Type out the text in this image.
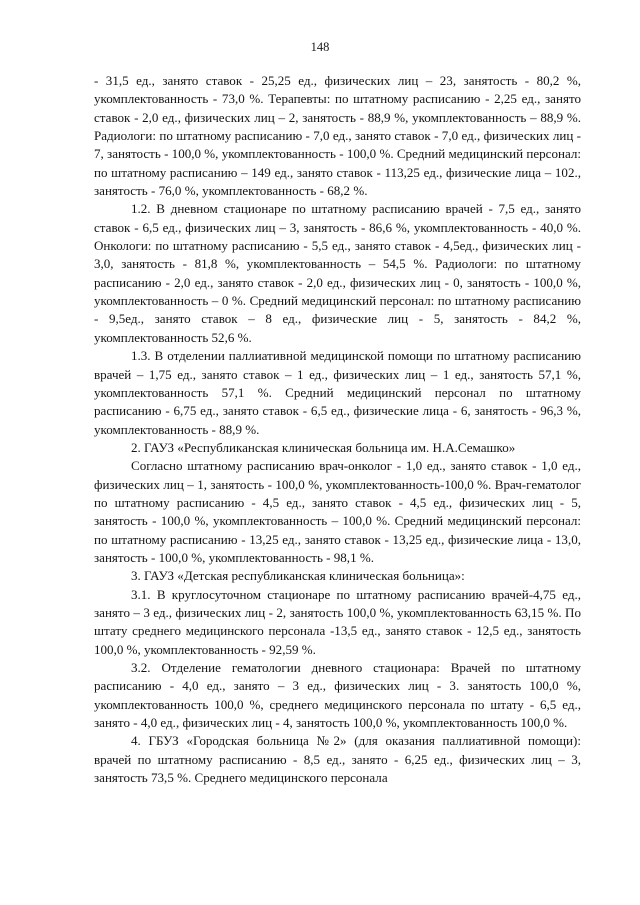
148

- 31,5 ед., занято ставок - 25,25 ед., физических лиц – 23, занятость - 80,2 %, укомплектованность - 73,0 %. Терапевты: по штатному расписанию - 2,25 ед., занято ставок - 2,0 ед., физических лиц – 2, занятость - 88,9 %, укомплектованность – 88,9 %. Радиологи: по штатному расписанию - 7,0 ед., занято ставок - 7,0 ед., физических лиц - 7, занятость - 100,0 %, укомплектованность - 100,0 %. Средний медицинский персонал: по штатному расписанию – 149 ед., занято ставок - 113,25 ед., физические лица – 102., занятость - 76,0 %, укомплектованность - 68,2 %.

1.2. В дневном стационаре по штатному расписанию врачей - 7,5 ед., занято ставок - 6,5 ед., физических лиц – 3, занятость - 86,6 %, укомплектованность - 40,0 %. Онкологи: по штатному расписанию - 5,5 ед., занято ставок - 4,5ед., физических лиц - 3,0, занятость - 81,8 %, укомплектованность – 54,5 %. Радиологи: по штатному расписанию - 2,0 ед., занято ставок - 2,0 ед., физических лиц - 0, занятость - 100,0 %, укомплектованность – 0 %. Средний медицинский персонал: по штатному расписанию - 9,5ед., занято ставок – 8 ед., физические лиц - 5, занятость - 84,2 %, укомплектованность 52,6 %.

1.3. В отделении паллиативной медицинской помощи по штатному расписанию врачей – 1,75 ед., занято ставок – 1 ед., физических лиц – 1 ед., занятость 57,1 %, укомплектованность 57,1 %. Средний медицинский персонал по штатному расписанию - 6,75 ед., занято ставок - 6,5 ед., физические лица - 6, занятость - 96,3 %, укомплектованность - 88,9 %.

2. ГАУЗ «Республиканская клиническая больница им. Н.А.Семашко»

Согласно штатному расписанию врач-онколог - 1,0 ед., занято ставок - 1,0 ед., физических лиц – 1, занятость - 100,0 %, укомплектованность-100,0 %. Врач-гематолог по штатному расписанию - 4,5 ед., занято ставок - 4,5 ед., физических лиц - 5, занятость - 100,0 %, укомплектованность – 100,0 %. Средний медицинский персонал: по штатному расписанию - 13,25 ед., занято ставок - 13,25 ед., физические лица - 13,0, занятость - 100,0 %, укомплектованность - 98,1 %.

3. ГАУЗ «Детская республиканская клиническая больница»:

3.1. В круглосуточном стационаре по штатному расписанию врачей-4,75 ед., занято – 3 ед., физических лиц - 2, занятость 100,0 %, укомплектованность 63,15 %. По штату среднего медицинского персонала -13,5 ед., занято ставок - 12,5 ед., занятость 100,0 %, укомплектованность - 92,59 %.

3.2. Отделение гематологии дневного стационара: Врачей по штатному расписанию - 4,0 ед., занято – 3 ед., физических лиц - 3. занятость 100,0 %, укомплектованность 100,0 %, среднего медицинского персонала по штату - 6,5 ед., занято - 4,0 ед., физических лиц - 4, занятость 100,0 %, укомплектованность 100,0 %.

4. ГБУЗ «Городская больница №2» (для оказания паллиативной помощи): врачей по штатному расписанию - 8,5 ед., занято - 6,25 ед., физических лиц – 3, занятость 73,5 %. Среднего медицинского персонала
